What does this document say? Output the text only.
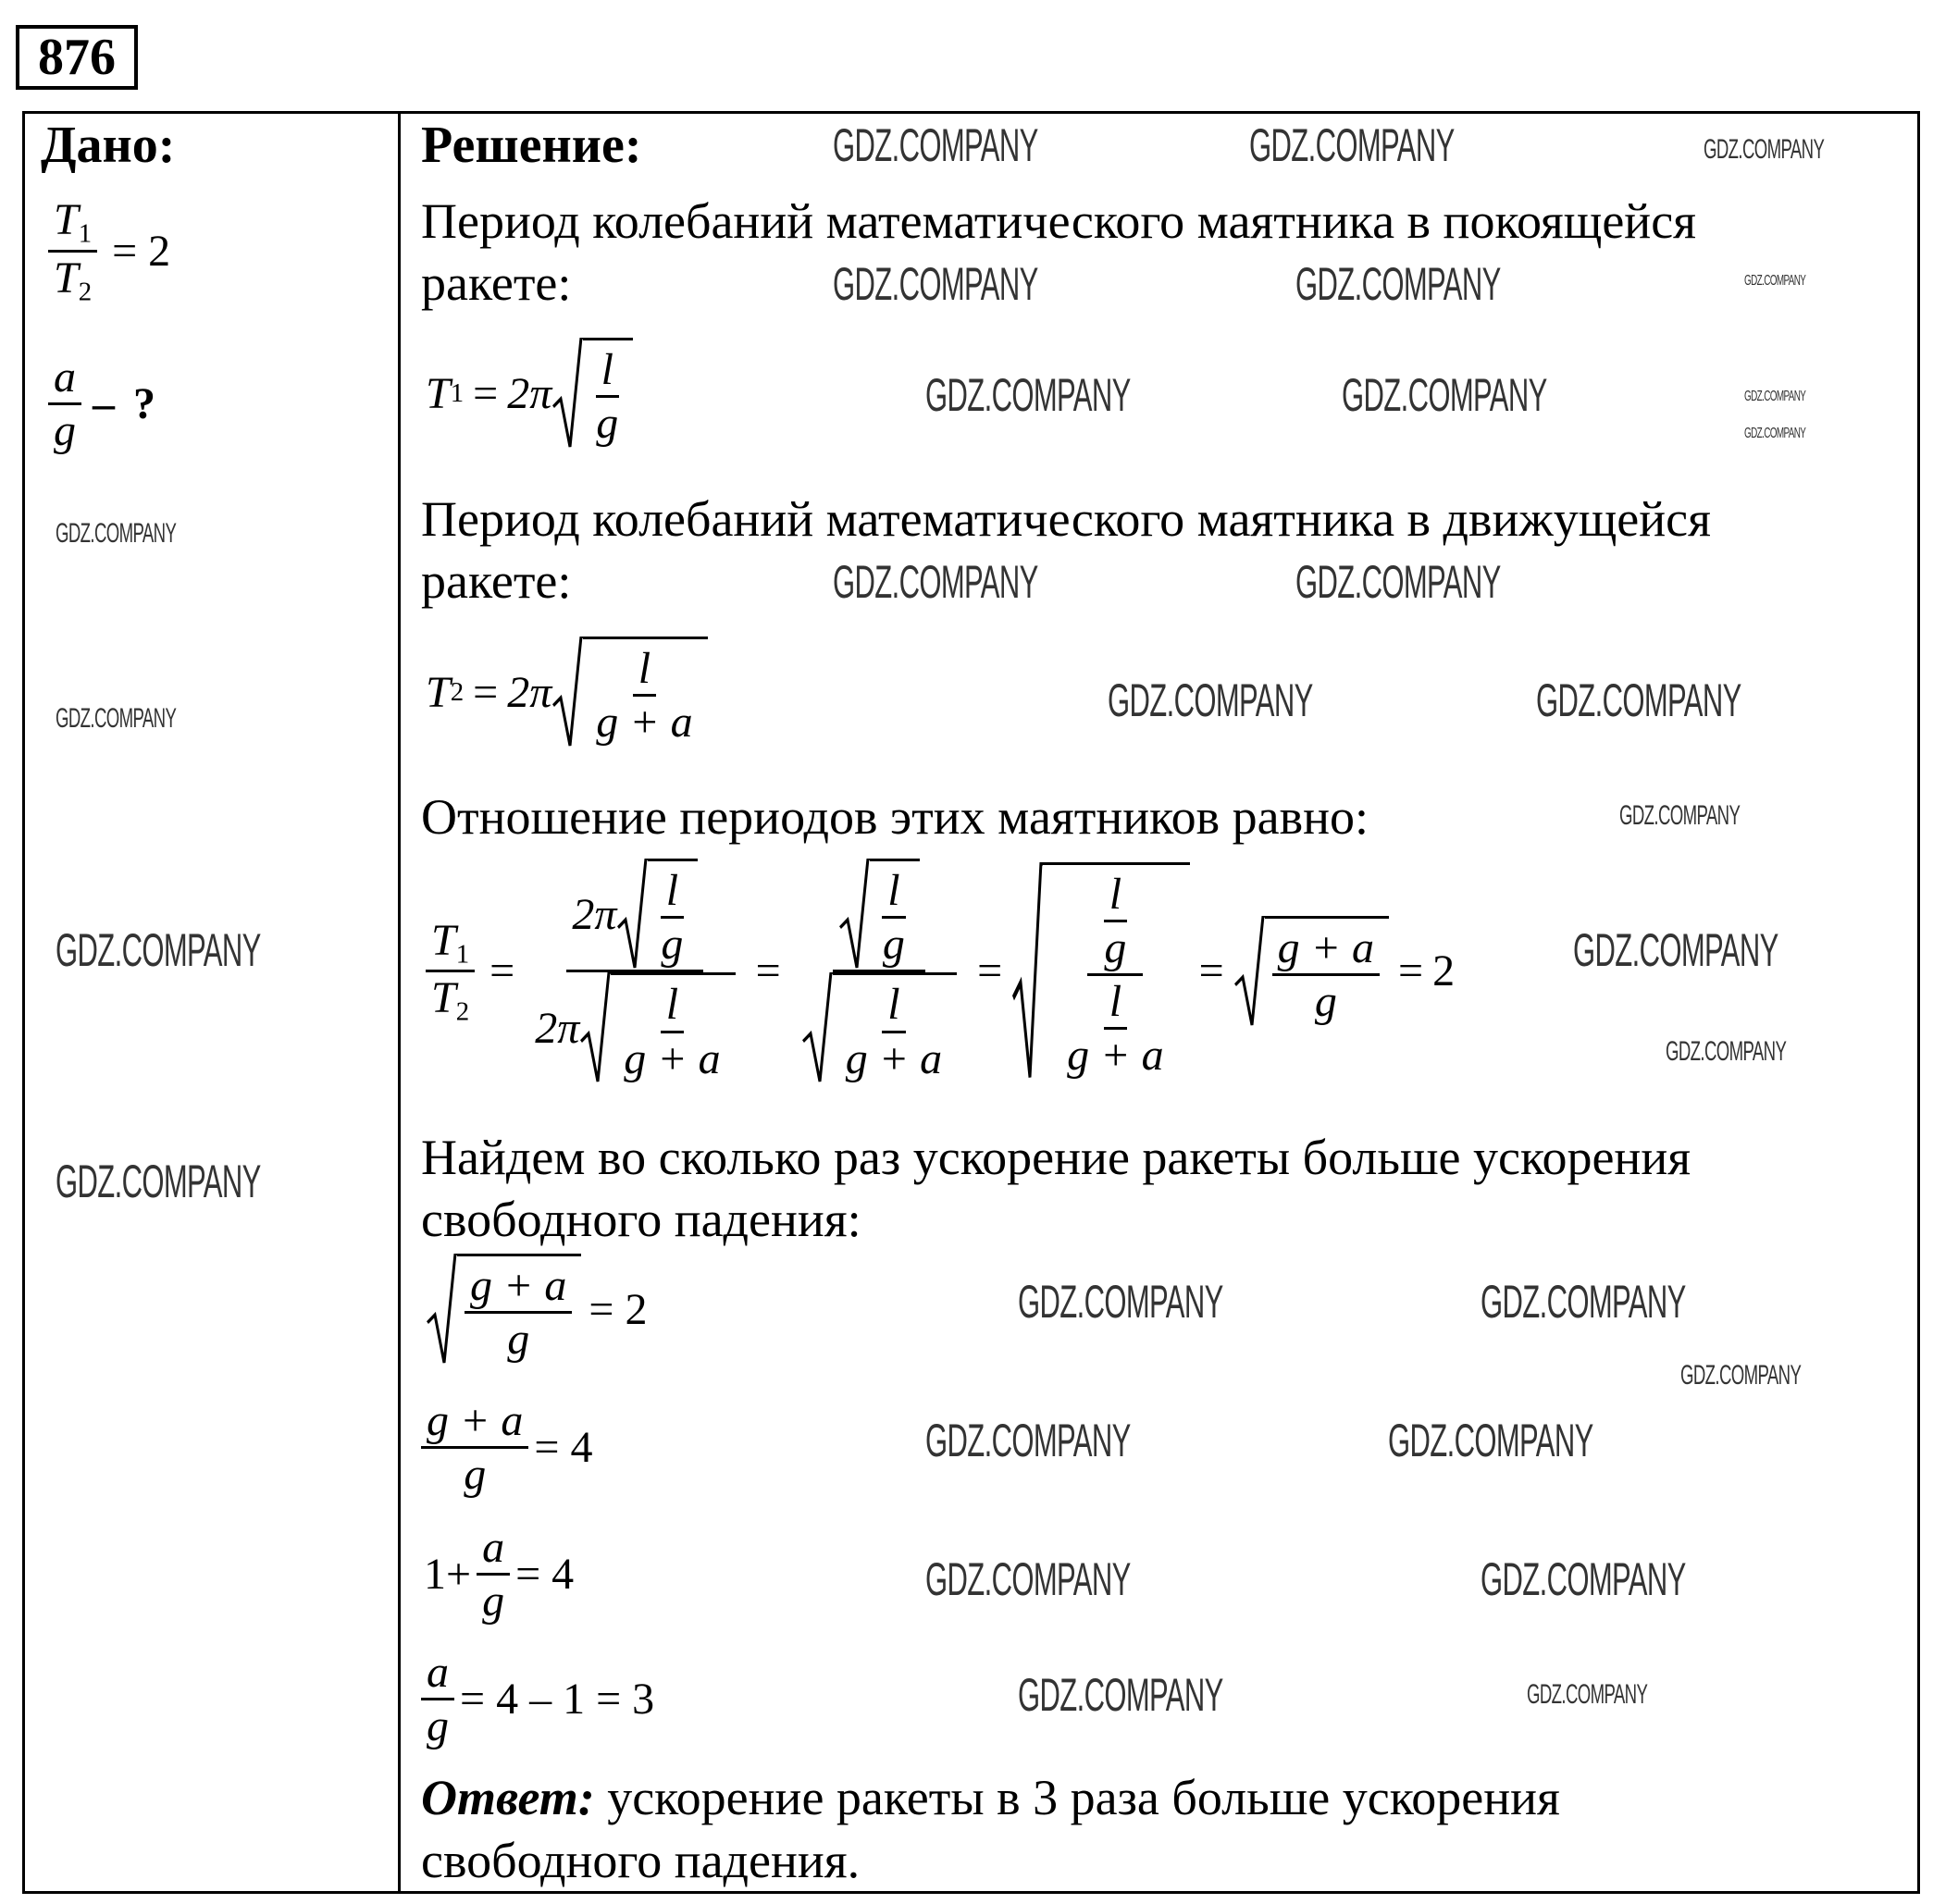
876
Дано:
$\frac{T_1}{T_2} = 2$
$\frac{a}{g}$ – ?
Решение:
Период колебаний математического маятника в покоящейся
ракете:
T $1 = 2\pi \frac{l}{g}$
Период колебаний математического маятника в движущейся
ракете:
T $2 = 2\pi \frac{l}{g + a}$
Отношение периодов этих маятников равно:
$\frac{T_1}{T_2} = \frac{2\pi \frac{l}{g}}{2\pi \frac{l}{g + a}} = \frac{\frac{l}{g}}{\frac{l}{g + a}} = \frac{\frac{l}{g}}{\frac{l}{g + a}} = \frac{g + a}{g} = 2$
Найдем во сколько раз ускорение ракеты больше ускорения
свободного падения:
$\frac{g + a}{g} = 2$
$\frac{g + a}{g} = 4$
$1+ \frac{a}{g} = 4$
$\frac{a}{g} = 4 - 1 = 3$
Ответ: ускорение ракеты в 3 раза больше ускорения
свободного падения.
GDZ.COMPANY	GDZ.COMPANY	GDZ.COMPANY
GDZ.COMPANY	GDZ.COMPANY	GDZ.COMPANY
GDZ.COMPANY	GDZ.COMPANY	GDZ.COMPANY
GDZ.COMPANY
GDZ.COMPANY	GDZ.COMPANY
GDZ.COMPANY	GDZ.COMPANY
GDZ.COMPANY
GDZ.COMPANY
GDZ.COMPANY
GDZ.COMPANY	GDZ.COMPANY
GDZ.COMPANY
GDZ.COMPANY	GDZ.COMPANY
GDZ.COMPANY	GDZ.COMPANY
GDZ.COMPANY	GDZ.COMPANY
GDZ.COMPANY
GDZ.COMPANY
GDZ.COMPANY
GDZ.COMPANY
